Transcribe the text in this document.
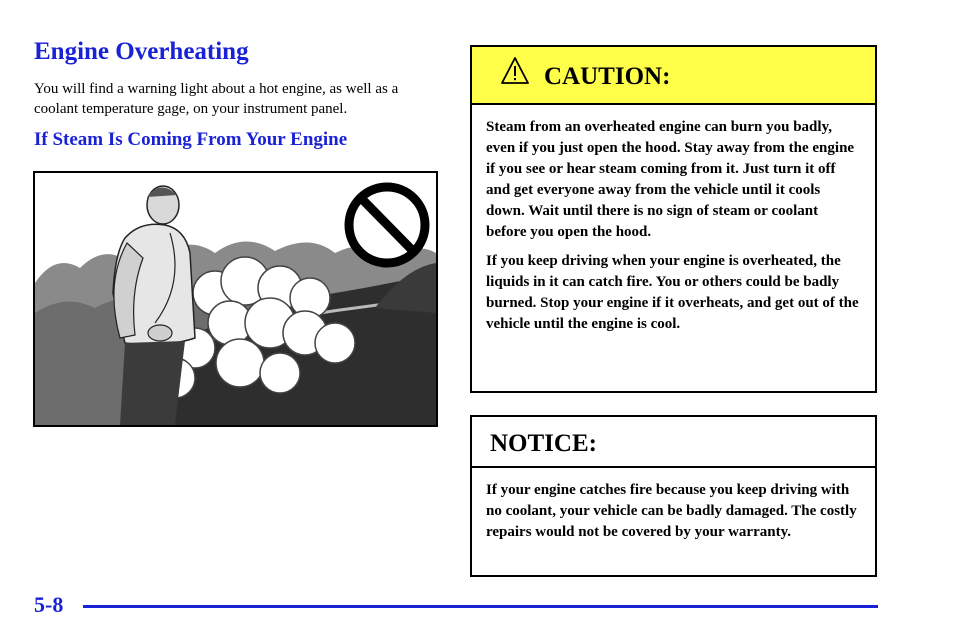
Engine Overheating

You will find a warning light about a hot engine, as well as a coolant temperature gage, on your instrument panel.

If Steam Is Coming From Your Engine
CAUTION:

Steam from an overheated engine can burn you badly, even if you just open the hood. Stay away from the engine if you see or hear steam coming from it. Just turn it off and get everyone away from the vehicle until it cools down. Wait until there is no sign of steam or coolant before you open the hood.

If you keep driving when your engine is overheated, the liquids in it can catch fire. You or others could be badly burned. Stop your engine if it overheats, and get out of the vehicle until the engine is cool.

NOTICE:

If your engine catches fire because you keep driving with no coolant, your vehicle can be badly damaged. The costly repairs would not be covered by your warranty.

5-8
